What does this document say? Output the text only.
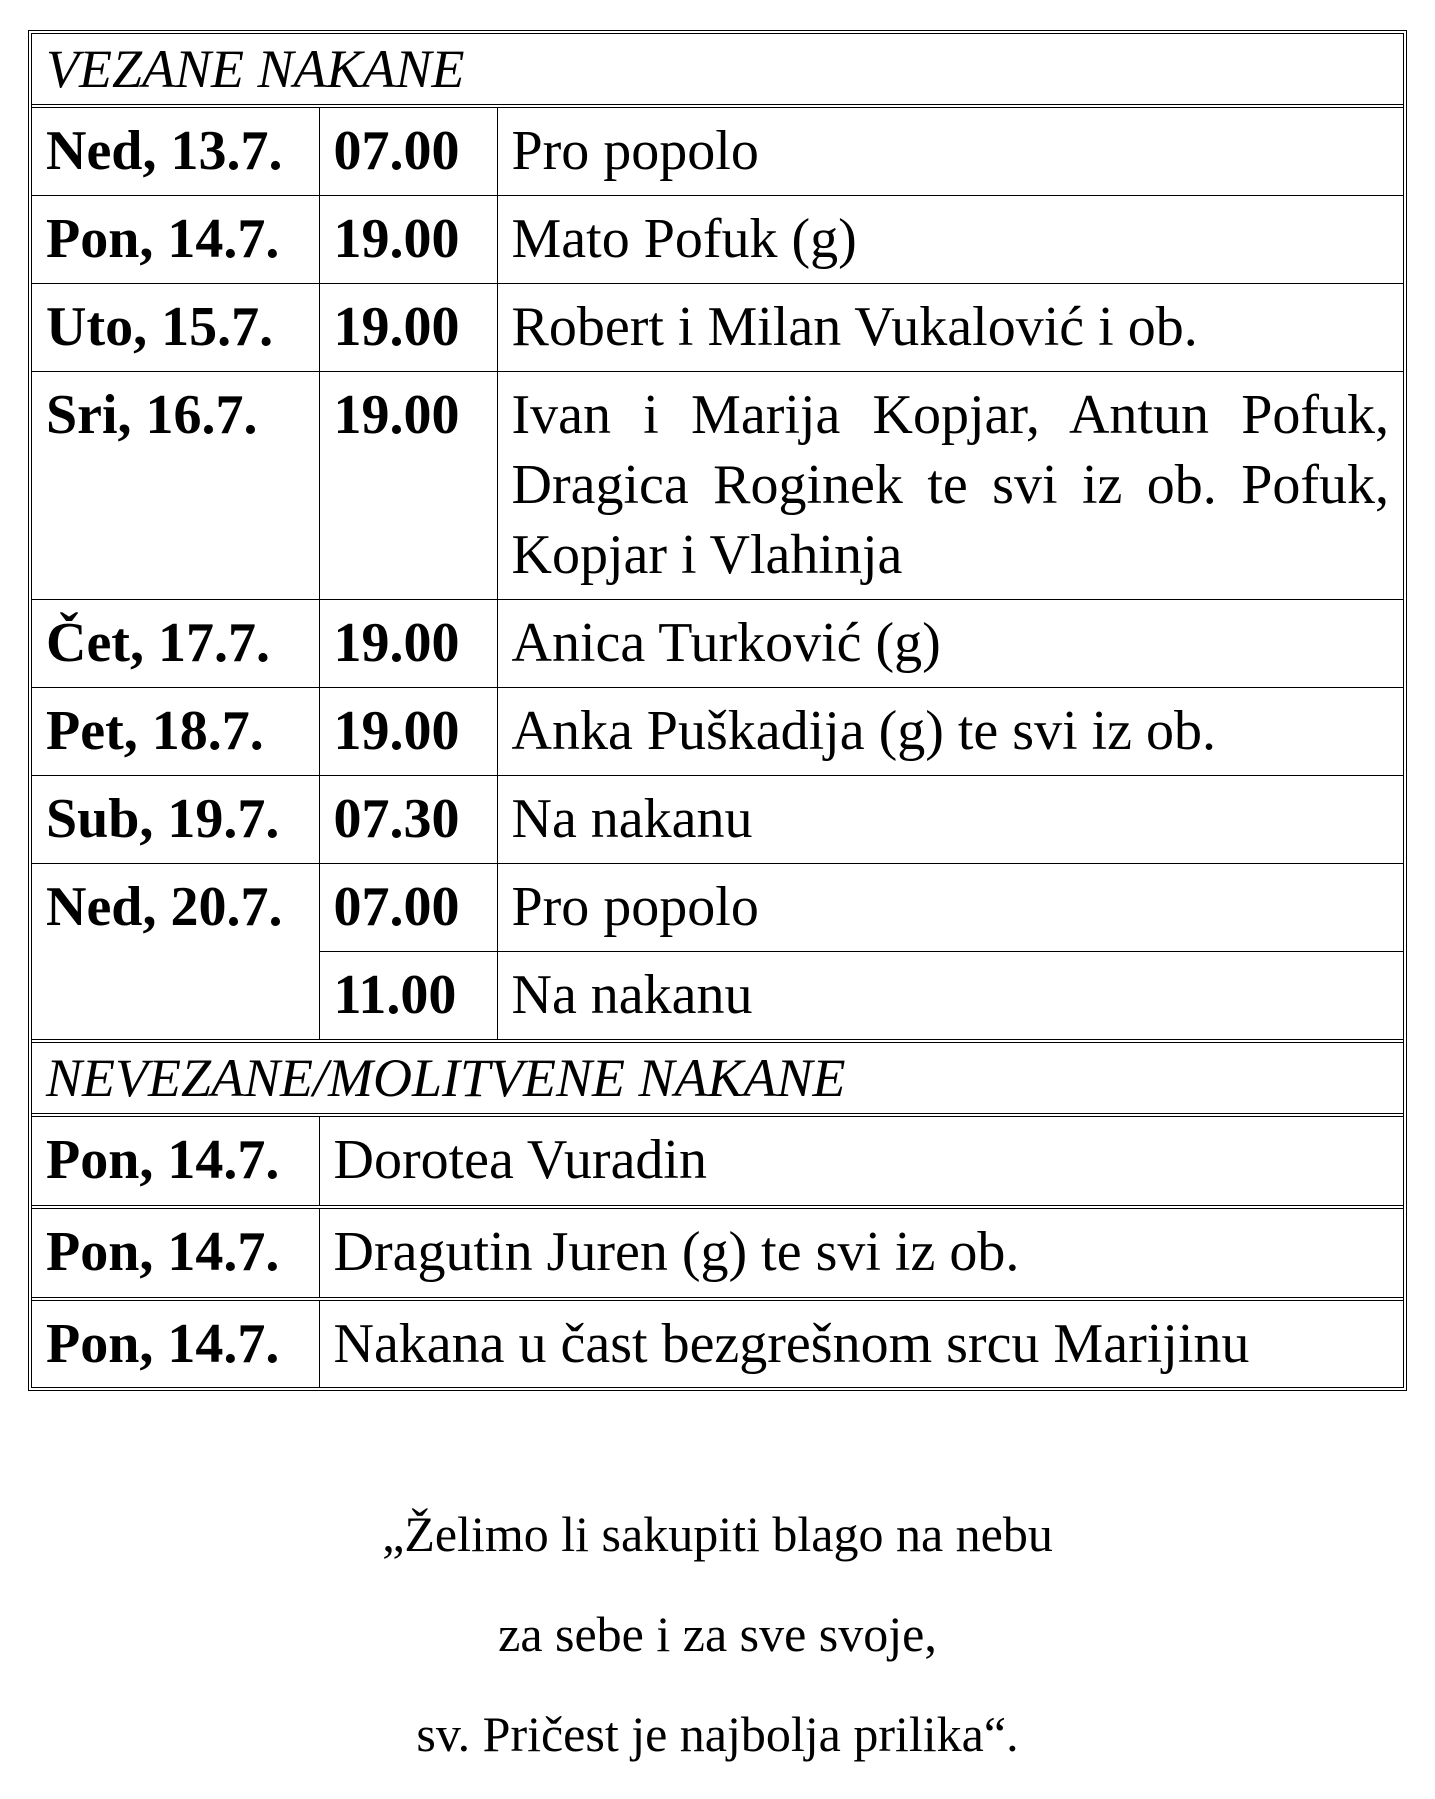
VEZANE NAKANE		
Ned, 13.7.	07.00	Pro popolo
Pon, 14.7.	19.00	Mato Pofuk (g)
Uto, 15.7.	19.00	Robert i Milan Vukalović i ob.
Sri, 16.7.	19.00	Ivan i Marija Kopjar, Antun Pofuk, Dragica Roginek te svi iz ob. Pofuk, Kopjar i Vlahinja
Čet, 17.7.	19.00	Anica Turković (g)
Pet, 18.7.	19.00	Anka Puškadija (g) te svi iz ob.
Sub, 19.7.	07.30	Na nakanu
Ned, 20.7.	07.00	Pro popolo
	11.00	Na nakanu
NEVEZANE/MOLITVENE NAKANE		
Pon, 14.7.	Dorotea Vuradin	
Pon, 14.7.	Dragutin Juren (g) te svi iz ob.	
Pon, 14.7.	Nakana u čast bezgrešnom srcu Marijinu	
„Želimo li sakupiti blago na nebu
za sebe i za sve svoje,
sv. Pričest je najbolja prilika“.
